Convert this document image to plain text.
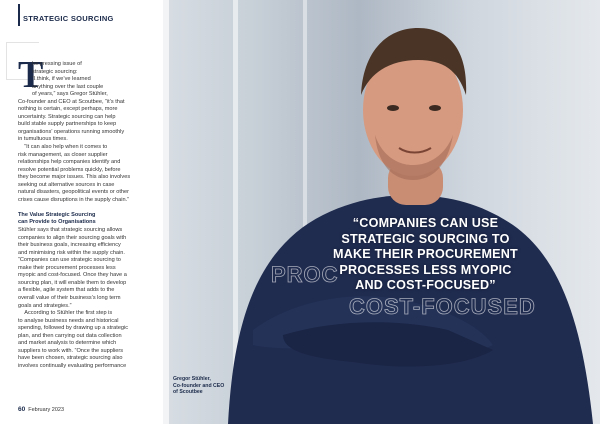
STRATEGIC SOURCING
T
he pressing issue of
strategic sourcing:
“I think, if we’ve learned
anything over the last couple
of years,” says Gregor Stühler,
Co-founder and CEO at Scoutbee, “it’s that
nothing is certain, except perhaps, more
uncertainty. Strategic sourcing can help
build stable supply partnerships to keep
organisations’ operations running smoothly
in tumultuous times.
“It can also help when it comes to
risk management, as closer supplier
relationships help companies identify and
resolve potential problems quickly, before
they become major issues. This also involves
seeking out alternative sources in case
natural disasters, geopolitical events or other
crises cause disruptions in the supply chain.”
The Value Strategic Sourcing
can Provide to Organisations
Stühler says that strategic sourcing allows
companies to align their sourcing goals with
their business goals, increasing efficiency
and minimising risk within the supply chain.
“Companies can use strategic sourcing to
make their procurement processes less
myopic and cost-focused. Once they have a
sourcing plan, it will enable them to develop
a flexible, agile system that adds to the
overall value of their business’s long term
goals and strategies.”
According to Stühler the first step is
to analyse business needs and historical
spending, followed by drawing up a strategic
plan, and then carrying out data collection
and market analysis to determine which
suppliers to work with. “Once the suppliers
have been chosen, strategic sourcing also
involves continually evaluating performance
60 February 2023
PROC
COST-FOCUSED
“COMPANIES CAN USE
STRATEGIC SOURCING TO
MAKE THEIR PROCUREMENT
PROCESSES LESS MYOPIC
AND COST-FOCUSED”
Gregor Stühler,
Co-founder and CEO
of Scoutbee
